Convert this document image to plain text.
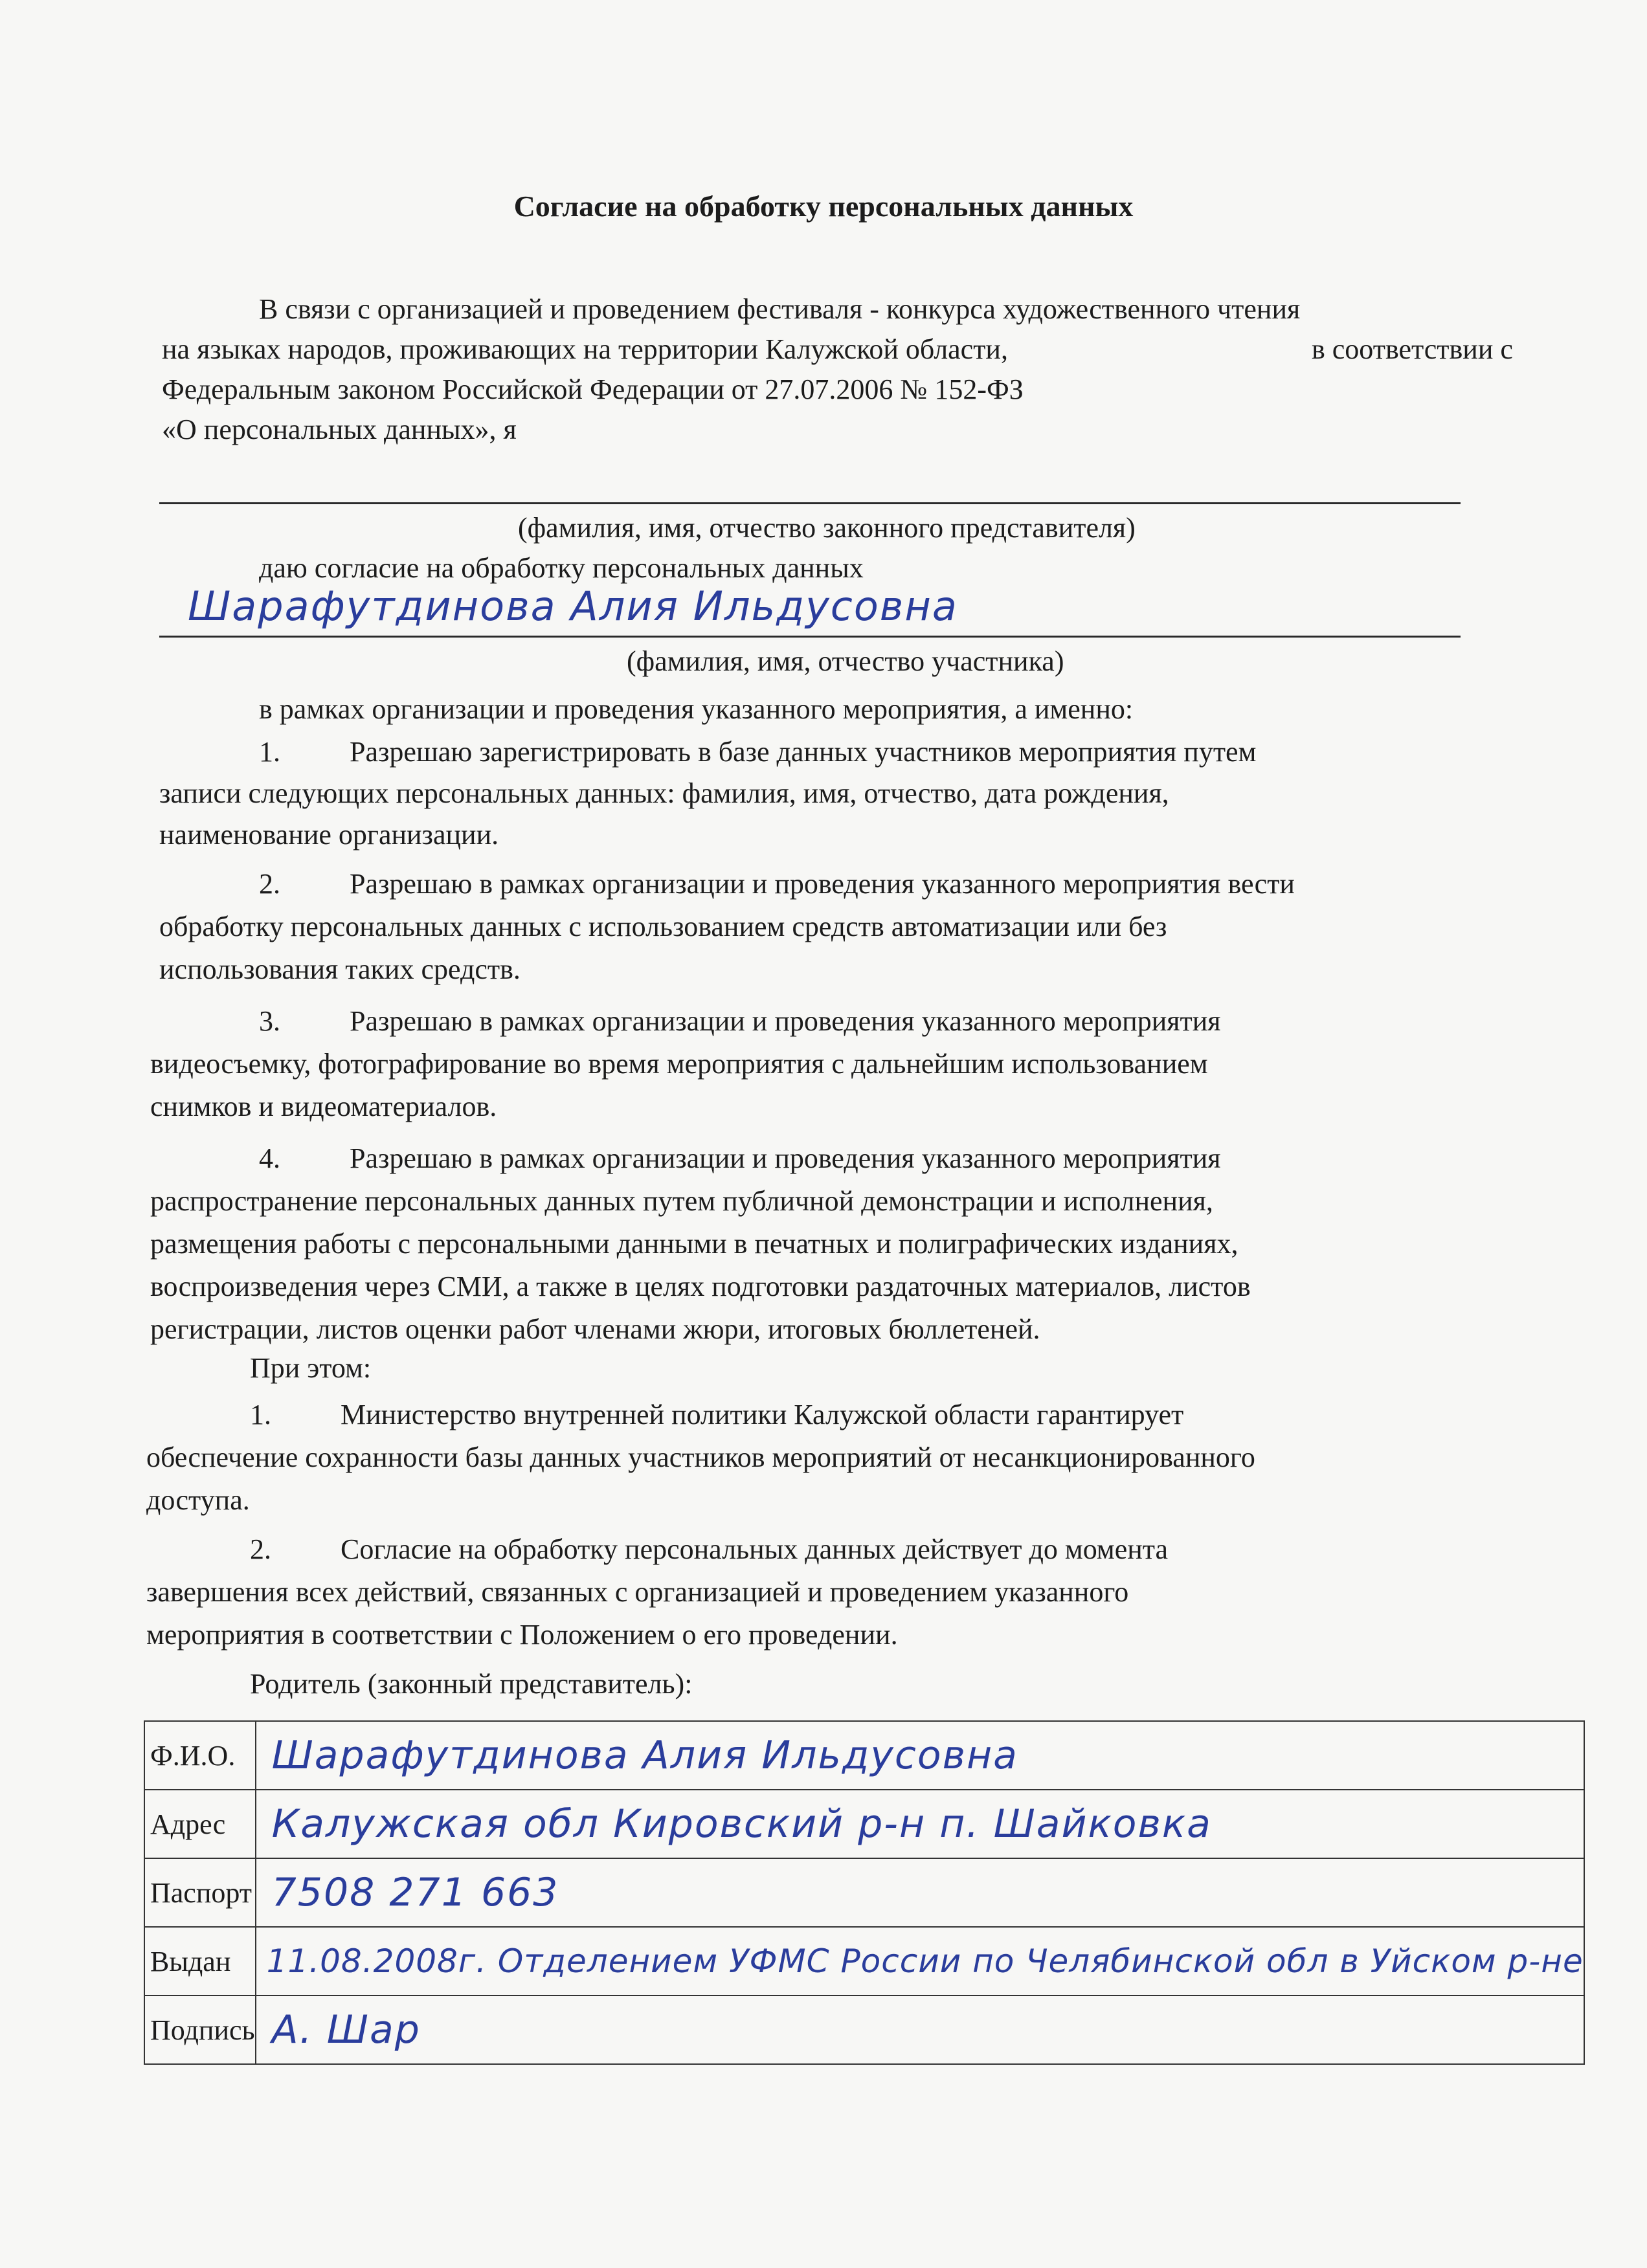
Согласие на обработку персональных данных
В связи с организацией и проведением фестиваля - конкурса художественного чтения
на языках народов, проживающих на территории Калужской области,	в соответствии с
Федеральным законом Российской Федерации от 27.07.2006 № 152-ФЗ
«О персональных данных», я
(фамилия, имя, отчество законного представителя)
даю согласие на обработку персональных данных
Шарафутдинова Алия Ильдусовна
(фамилия, имя, отчество участника)
в рамках организации и проведения указанного мероприятия, а именно:
1. Разрешаю зарегистрировать в базе данных участников мероприятия путем
записи следующих персональных данных: фамилия, имя, отчество, дата рождения,
наименование организации.
2. Разрешаю в рамках организации и проведения указанного мероприятия вести
обработку персональных данных с использованием средств автоматизации или без
использования таких средств.
3. Разрешаю в рамках организации и проведения указанного мероприятия
видеосъемку, фотографирование во время мероприятия с дальнейшим использованием
снимков и видеоматериалов.
4. Разрешаю в рамках организации и проведения указанного мероприятия
распространение персональных данных путем публичной демонстрации и исполнения,
размещения работы с персональными данными в печатных и полиграфических изданиях,
воспроизведения через СМИ, а также в целях подготовки раздаточных материалов, листов
регистрации, листов оценки работ членами жюри, итоговых бюллетеней.
При этом:
1. Министерство внутренней политики Калужской области гарантирует
обеспечение сохранности базы данных участников мероприятий от несанкционированного
доступа.
2. Согласие на обработку персональных данных действует до момента
завершения всех действий, связанных с организацией и проведением указанного
мероприятия в соответствии с Положением о его проведении.
Родитель (законный представитель):
Ф.И.О.	Шарафутдинова Алия Ильдусовна
Адрес	Калужская обл Кировский р-н п. Шайковка
Паспорт	7508 271 663
Выдан	11.08.2008г. Отделением УФМС России по Челябинской обл в Уйском р-не
Подпись	А. Шар
